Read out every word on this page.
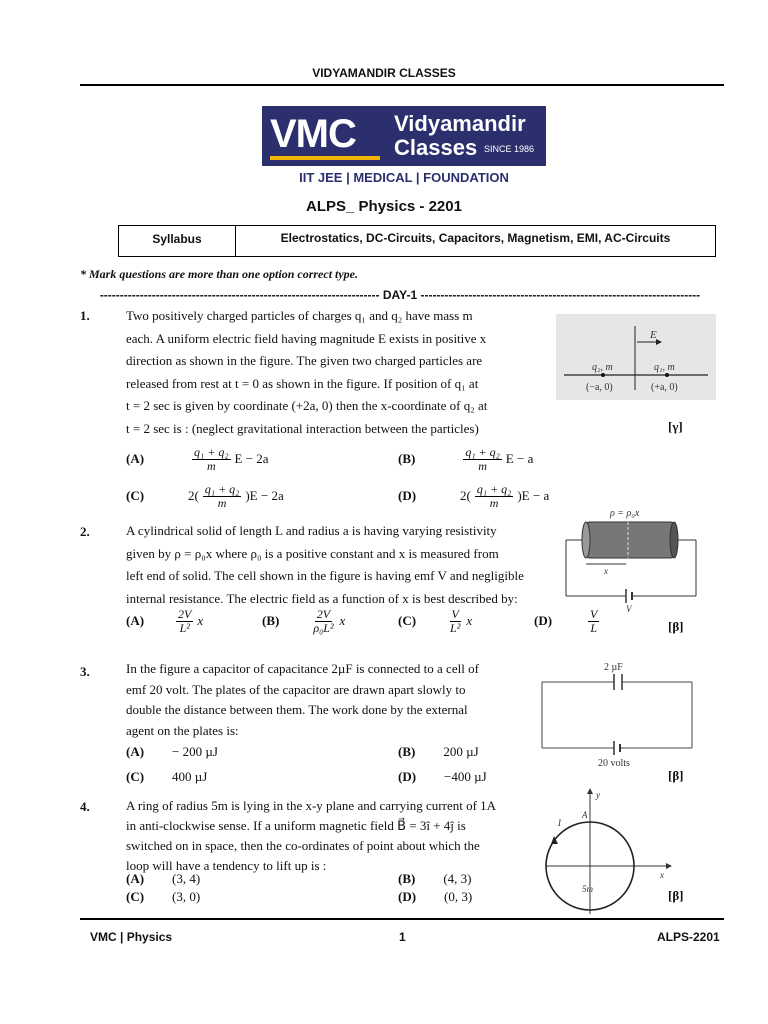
VIDYAMANDIR CLASSES
VMC Vidyamandir
Classes SINCE 1986
IIT JEE | MEDICAL | FOUNDATION
ALPS_ Physics - 2201
Syllabus	Electrostatics, DC-Circuits, Capacitors, Magnetism, EMI, AC-Circuits
* Mark questions are more than one option correct type.
---------------------------------------------------------------------- DAY-1 ----------------------------------------------------------------------
1.	Two positively charged particles of charges q₁ and q₂ have mass m
each. A uniform electric field having magnitude E exists in positive x
direction as shown in the figure. The given two charged particles are
released from rest at t = 0 as shown in the figure. If position of q₁ at
t = 2 sec is given by coordinate (+2a, 0) then the x-coordinate of q₂ at
t = 2 sec is : (neglect gravitational interaction between the particles)
E
q₂, m	q₁, m
(−a, 0)	(+a, 0)
[γ]
(A)	$\frac{\text{q₁ + q₂}}{m}$ E − 2a	(B)	$\frac{\text{q₁ + q₂}}{m}$ E − a
(C)	$2( \frac{\text{q₁ + q₂}}{m} )E - 2a$	(D)	$2( \frac{\text{q₁ + q₂}}{m} )E - a$
2.	A cylindrical solid of length L and radius a is having varying resistivity
given by ρ = ρ₀x where ρ₀ is a positive constant and x is measured from
left end of solid. The cell shown in the figure is having emf V and negligible
internal resistance. The electric field as a function of x is best described by:
ρ = ρ₀x
x
V
(A)	$\frac{2V}{\text{L²}}$ x	(B)	$\frac{2V}{\text{ρ₀L²}}$ x	(C)	$\frac{V}{\text{L²}}$ x	(D)	$\frac{V}{L}$	[β]
3.	In the figure a capacitor of capacitance 2µF is connected to a cell of
emf 20 volt. The plates of the capacitor are drawn apart slowly to
double the distance between them. The work done by the external
agent on the plates is:
2 µF
20 volts
(A) − 200 µJ	(B) 200 µJ
(C) 400 µJ	(D) −400 µJ	[β]
4.	A ring of radius 5m is lying in the x-y plane and carrying current of 1A
in anti-clockwise sense. If a uniform magnetic field B⃗ = 3î + 4ĵ is
switched on in space, then the co-ordinates of point about which the
loop will have a tendency to lift up is :
y
x
A
I
5m
(A) (3, 4)	(B) (4, 3)
(C) (3, 0)	(D) (0, 3)	[β]
VMC | Physics	1	ALPS-2201
